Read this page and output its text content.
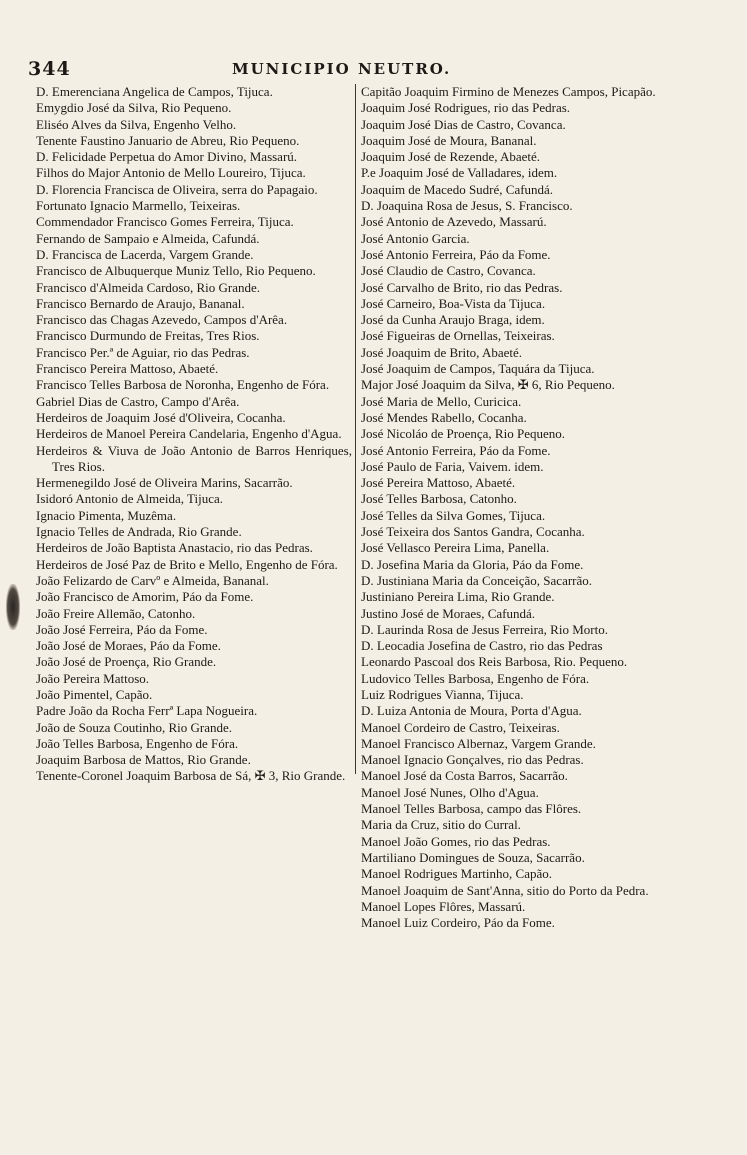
344	MUNICIPIO NEUTRO.
D. Emerenciana Angelica de Campos, Tijuca.
Emygdio José da Silva, Rio Pequeno.
Eliséo Alves da Silva, Engenho Velho.
Tenente Faustino Januario de Abreu, Rio Pequeno.
D. Felicidade Perpetua do Amor Divino, Massarú.
Filhos do Major Antonio de Mello Loureiro, Tijuca.
D. Florencia Francisca de Oliveira, serra do Papagaio.
Fortunato Ignacio Marmello, Teixeiras.
Commendador Francisco Gomes Ferreira, Tijuca.
Fernando de Sampaio e Almeida, Cafundá.
D. Francisca de Lacerda, Vargem Grande.
Francisco de Albuquerque Muniz Tello, Rio Pequeno.
Francisco d'Almeida Cardoso, Rio Grande.
Francisco Bernardo de Araujo, Bananal.
Francisco das Chagas Azevedo, Campos d'Arêa.
Francisco Durmundo de Freitas, Tres Rios.
Francisco Per.ª de Aguiar, rio das Pedras.
Francisco Pereira Mattoso, Abaeté.
Francisco Telles Barbosa de Noronha, Engenho de Fóra.
Gabriel Dias de Castro, Campo d'Arêa.
Herdeiros de Joaquim José d'Oliveira, Cocanha.
Herdeiros de Manoel Pereira Candelaria, Engenho d'Agua.
Herdeiros & Viuva de João Antonio de Barros Henriques, Tres Rios.
Hermenegildo José de Oliveira Marins, Sacarrão.
Isidoró Antonio de Almeida, Tijuca.
Ignacio Pimenta, Muzêma.
Ignacio Telles de Andrada, Rio Grande.
Herdeiros de João Baptista Anastacio, rio das Pedras.
Herdeiros de José Paz de Brito e Mello, Engenho de Fóra.
João Felizardo de Carvº e Almeida, Bananal.
João Francisco de Amorim, Páo da Fome.
João Freire Allemão, Catonho.
João José Ferreira, Páo da Fome.
João José de Moraes, Páo da Fome.
João José de Proença, Rio Grande.
João Pereira Mattoso.
João Pimentel, Capão.
Padre João da Rocha Ferrª Lapa Nogueira.
João de Souza Coutinho, Rio Grande.
João Telles Barbosa, Engenho de Fóra.
Joaquim Barbosa de Mattos, Rio Grande.
Tenente-Coronel Joaquim Barbosa de Sá, ✠ 3, Rio Grande.
Capitão Joaquim Firmino de Menezes Campos, Picapão.
Joaquim José Rodrigues, rio das Pedras.
Joaquim José Dias de Castro, Covanca.
Joaquim José de Moura, Bananal.
Joaquim José de Rezende, Abaeté.
P.e Joaquim José de Valladares, idem.
Joaquim de Macedo Sudré, Cafundá.
D. Joaquina Rosa de Jesus, S. Francisco.
José Antonio de Azevedo, Massarú.
José Antonio Garcia.
José Antonio Ferreira, Páo da Fome.
José Claudio de Castro, Covanca.
José Carvalho de Brito, rio das Pedras.
José Carneiro, Boa-Vista da Tijuca.
José da Cunha Araujo Braga, idem.
José Figueiras de Ornellas, Teixeiras.
José Joaquim de Brito, Abaeté.
José Joaquim de Campos, Taquára da Tijuca.
Major José Joaquim da Silva, ✠ 6, Rio Pequeno.
José Maria de Mello, Curicica.
José Mendes Rabello, Cocanha.
José Nicoláo de Proença, Rio Pequeno.
José Antonio Ferreira, Páo da Fome.
José Paulo de Faria, Vaivem. idem.
José Pereira Mattoso, Abaeté.
José Telles Barbosa, Catonho.
José Telles da Silva Gomes, Tijuca.
José Teixeira dos Santos Gandra, Cocanha.
José Vellasco Pereira Lima, Panella.
D. Josefina Maria da Gloria, Páo da Fome.
D. Justiniana Maria da Conceição, Sacarrão.
Justiniano Pereira Lima, Rio Grande.
Justino José de Moraes, Cafundá.
D. Laurinda Rosa de Jesus Ferreira, Rio Morto.
D. Leocadia Josefina de Castro, rio das Pedras
Leonardo Pascoal dos Reis Barbosa, Rio. Pequeno.
Ludovico Telles Barbosa, Engenho de Fóra.
Luiz Rodrigues Vianna, Tijuca.
D. Luiza Antonia de Moura, Porta d'Agua.
Manoel Cordeiro de Castro, Teixeiras.
Manoel Francisco Albernaz, Vargem Grande.
Manoel Ignacio Gonçalves, rio das Pedras.
Manoel José da Costa Barros, Sacarrão.
Manoel José Nunes, Olho d'Agua.
Manoel Telles Barbosa, campo das Flôres.
Maria da Cruz, sitio do Curral.
Manoel João Gomes, rio das Pedras.
Martiliano Domingues de Souza, Sacarrão.
Manoel Rodrigues Martinho, Capão.
Manoel Joaquim de Sant'Anna, sitio do Porto da Pedra.
Manoel Lopes Flôres, Massarú.
Manoel Luiz Cordeiro, Páo da Fome.
